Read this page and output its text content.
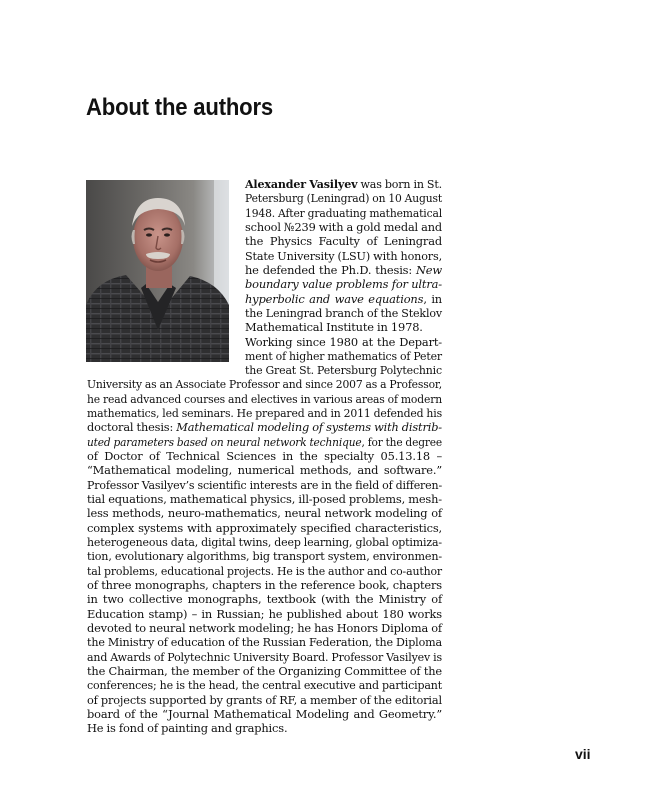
About the authors

Alexander Vasilyev was born in St.

Petersburg (Leningrad) on 10 August

1948. After graduating mathematical

school №239 with a gold medal and

the Physics Faculty of Leningrad

State University (LSU) with honors,

he defended the Ph.D. thesis: New

boundary value problems for ultra-

hyperbolic and wave equations, in

the Leningrad branch of the Steklov

Mathematical Institute in 1978.

Working since 1980 at the Depart-

ment of higher mathematics of Peter

the Great St. Petersburg Polytechnic

University as an Associate Professor and since 2007 as a Professor,

he read advanced courses and electives in various areas of modern

mathematics, led seminars. He prepared and in 2011 defended his

doctoral thesis: Mathematical modeling of systems with distrib-

uted parameters based on neural network technique, for the degree

of Doctor of Technical Sciences in the specialty 05.13.18 –

“Mathematical modeling, numerical methods, and software.”

Professor Vasilyev’s scientific interests are in the field of differen-

tial equations, mathematical physics, ill-posed problems, mesh-

less methods, neuro-mathematics, neural network modeling of

complex systems with approximately specified characteristics,

heterogeneous data, digital twins, deep learning, global optimiza-

tion, evolutionary algorithms, big transport system, environmen-

tal problems, educational projects. He is the author and co-author

of three monographs, chapters in the reference book, chapters

in two collective monographs, textbook (with the Ministry of

Education stamp) – in Russian; he published about 180 works

devoted to neural network modeling; he has Honors Diploma of

the Ministry of education of the Russian Federation, the Diploma

and Awards of Polytechnic University Board. Professor Vasilyev is

the Chairman, the member of the Organizing Committee of the

conferences; he is the head, the central executive and participant

of projects supported by grants of RF, a member of the editorial

board of the “Journal Mathematical Modeling and Geometry.”

He is fond of painting and graphics.

vii
